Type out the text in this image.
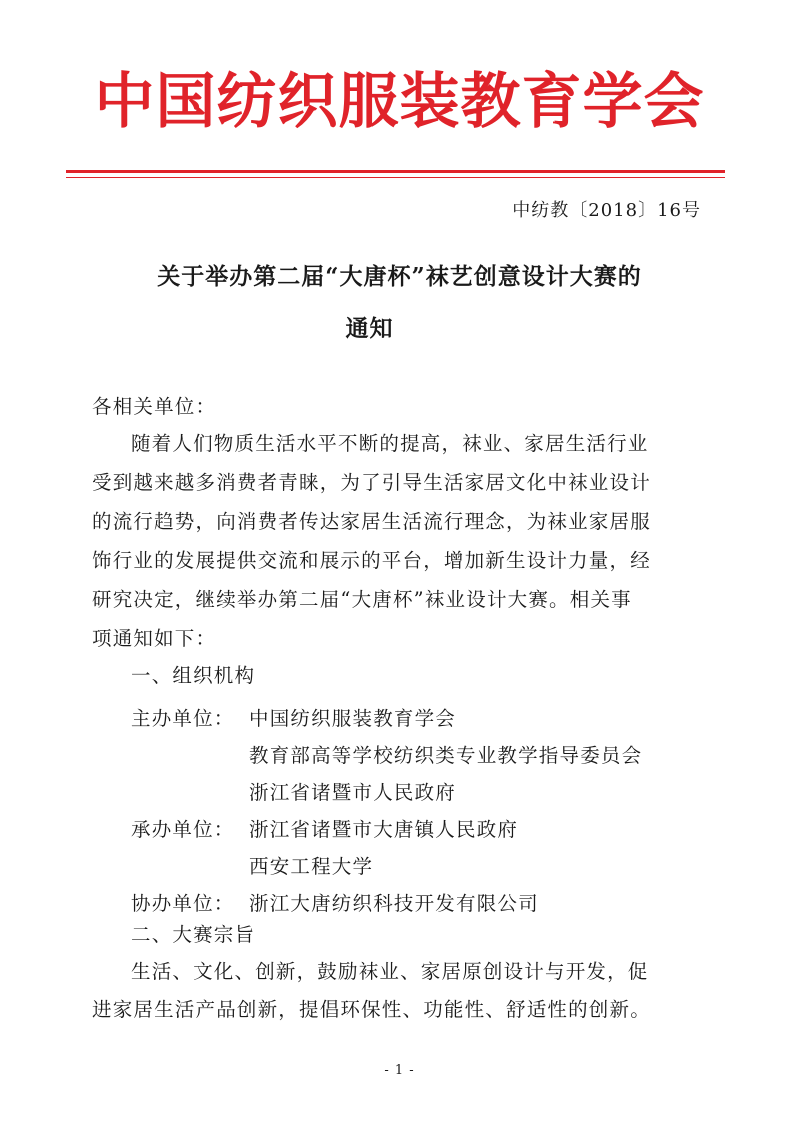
中国纺织服装教育学会
中纺教〔2018〕16号
关于举办第二届“大唐杯”袜艺创意设计大赛的
通知
各相关单位：
随着人们物质生活水平不断的提高，袜业、家居生活行业
受到越来越多消费者青睐，为了引导生活家居文化中袜业设计
的流行趋势，向消费者传达家居生活流行理念，为袜业家居服
饰行业的发展提供交流和展示的平台，增加新生设计力量，经
研究决定，继续举办第二届“大唐杯”袜业设计大赛。相关事
项通知如下：
一、组织机构
主办单位： 中国纺织服装教育学会
教育部高等学校纺织类专业教学指导委员会
浙江省诸暨市人民政府
承办单位： 浙江省诸暨市大唐镇人民政府
西安工程大学
协办单位： 浙江大唐纺织科技开发有限公司
二、大赛宗旨
生活、文化、创新，鼓励袜业、家居原创设计与开发，促
进家居生活产品创新，提倡环保性、功能性、舒适性的创新。
- 1 -
